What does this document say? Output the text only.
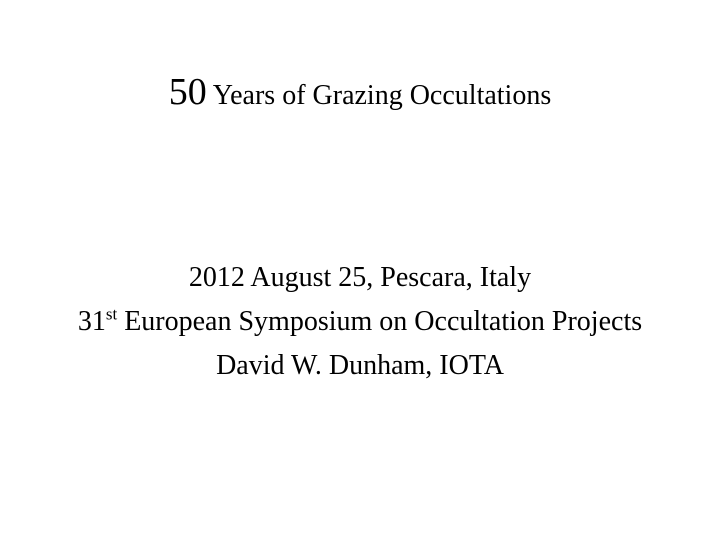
50 Years of Grazing Occultations
2012 August 25, Pescara, Italy
31st European Symposium on Occultation Projects
David W. Dunham, IOTA
